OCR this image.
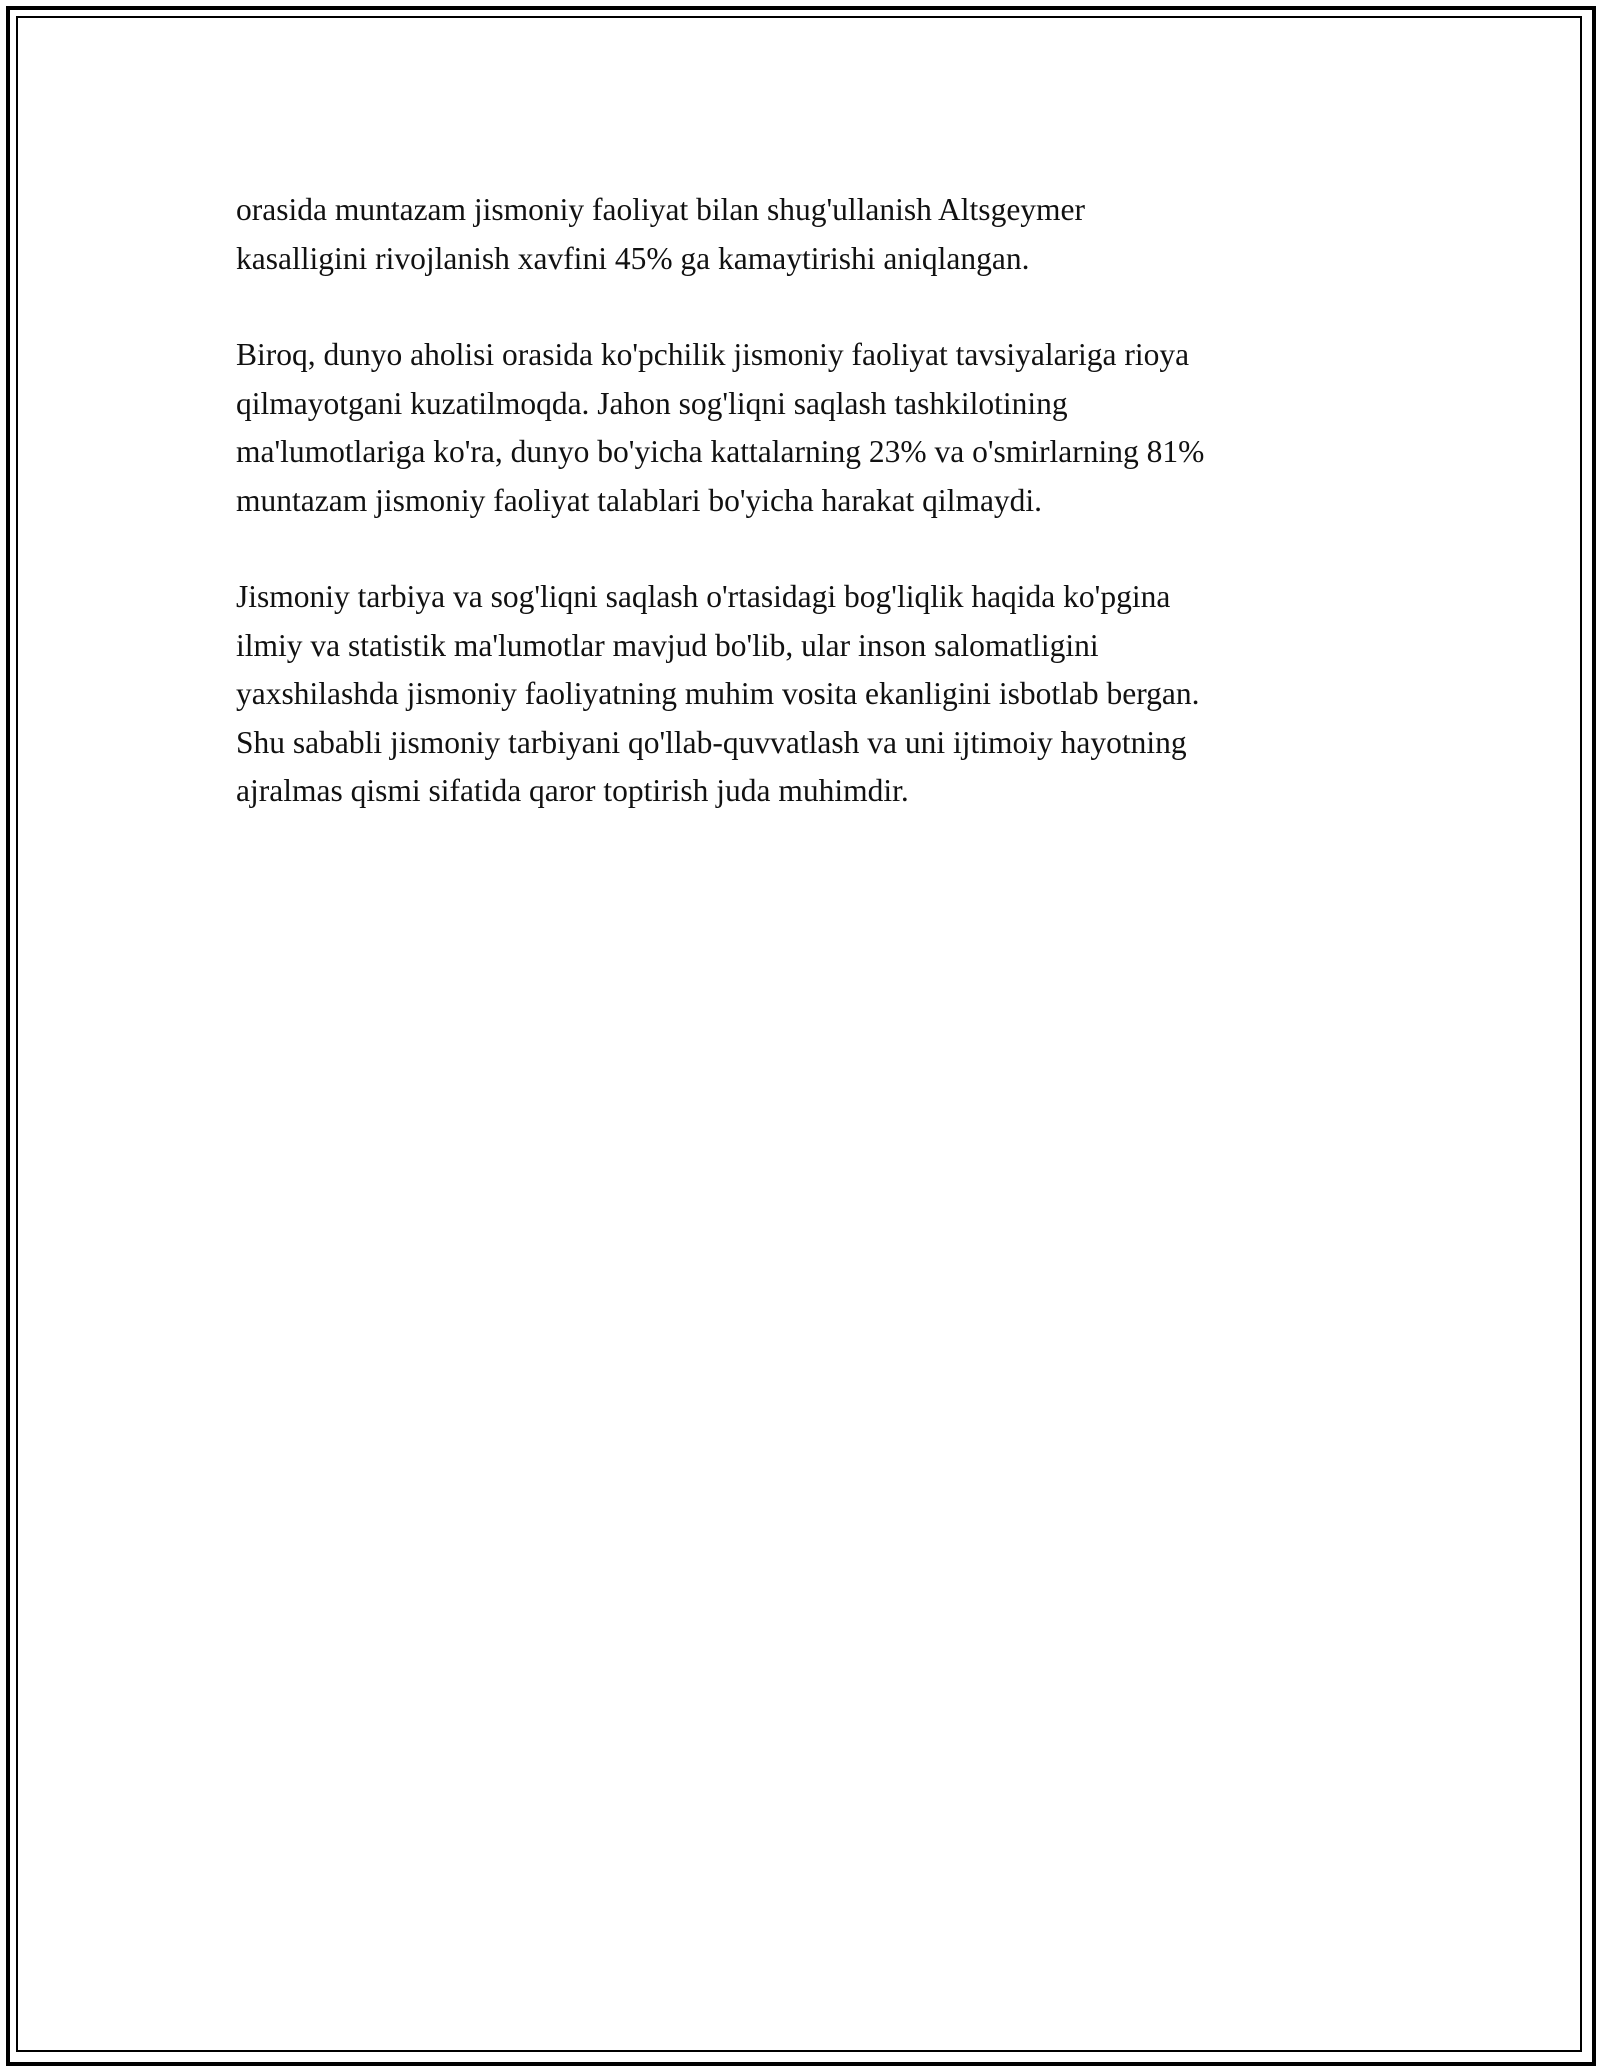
orasida muntazam jismoniy faoliyat bilan shug'ullanish Altsgeymer
kasalligini rivojlanish xavfini 45% ga kamaytirishi aniqlangan.

Biroq, dunyo aholisi orasida ko'pchilik jismoniy faoliyat tavsiyalariga rioya
qilmayotgani kuzatilmoqda. Jahon sog'liqni saqlash tashkilotining
ma'lumotlariga ko'ra, dunyo bo'yicha kattalarning 23% va o'smirlarning 81%
muntazam jismoniy faoliyat talablari bo'yicha harakat qilmaydi.

Jismoniy tarbiya va sog'liqni saqlash o'rtasidagi bog'liqlik haqida ko'pgina
ilmiy va statistik ma'lumotlar mavjud bo'lib, ular inson salomatligini
yaxshilashda jismoniy faoliyatning muhim vosita ekanligini isbotlab bergan.
Shu sababli jismoniy tarbiyani qo'llab-quvvatlash va uni ijtimoiy hayotning
ajralmas qismi sifatida qaror toptirish juda muhimdir.
